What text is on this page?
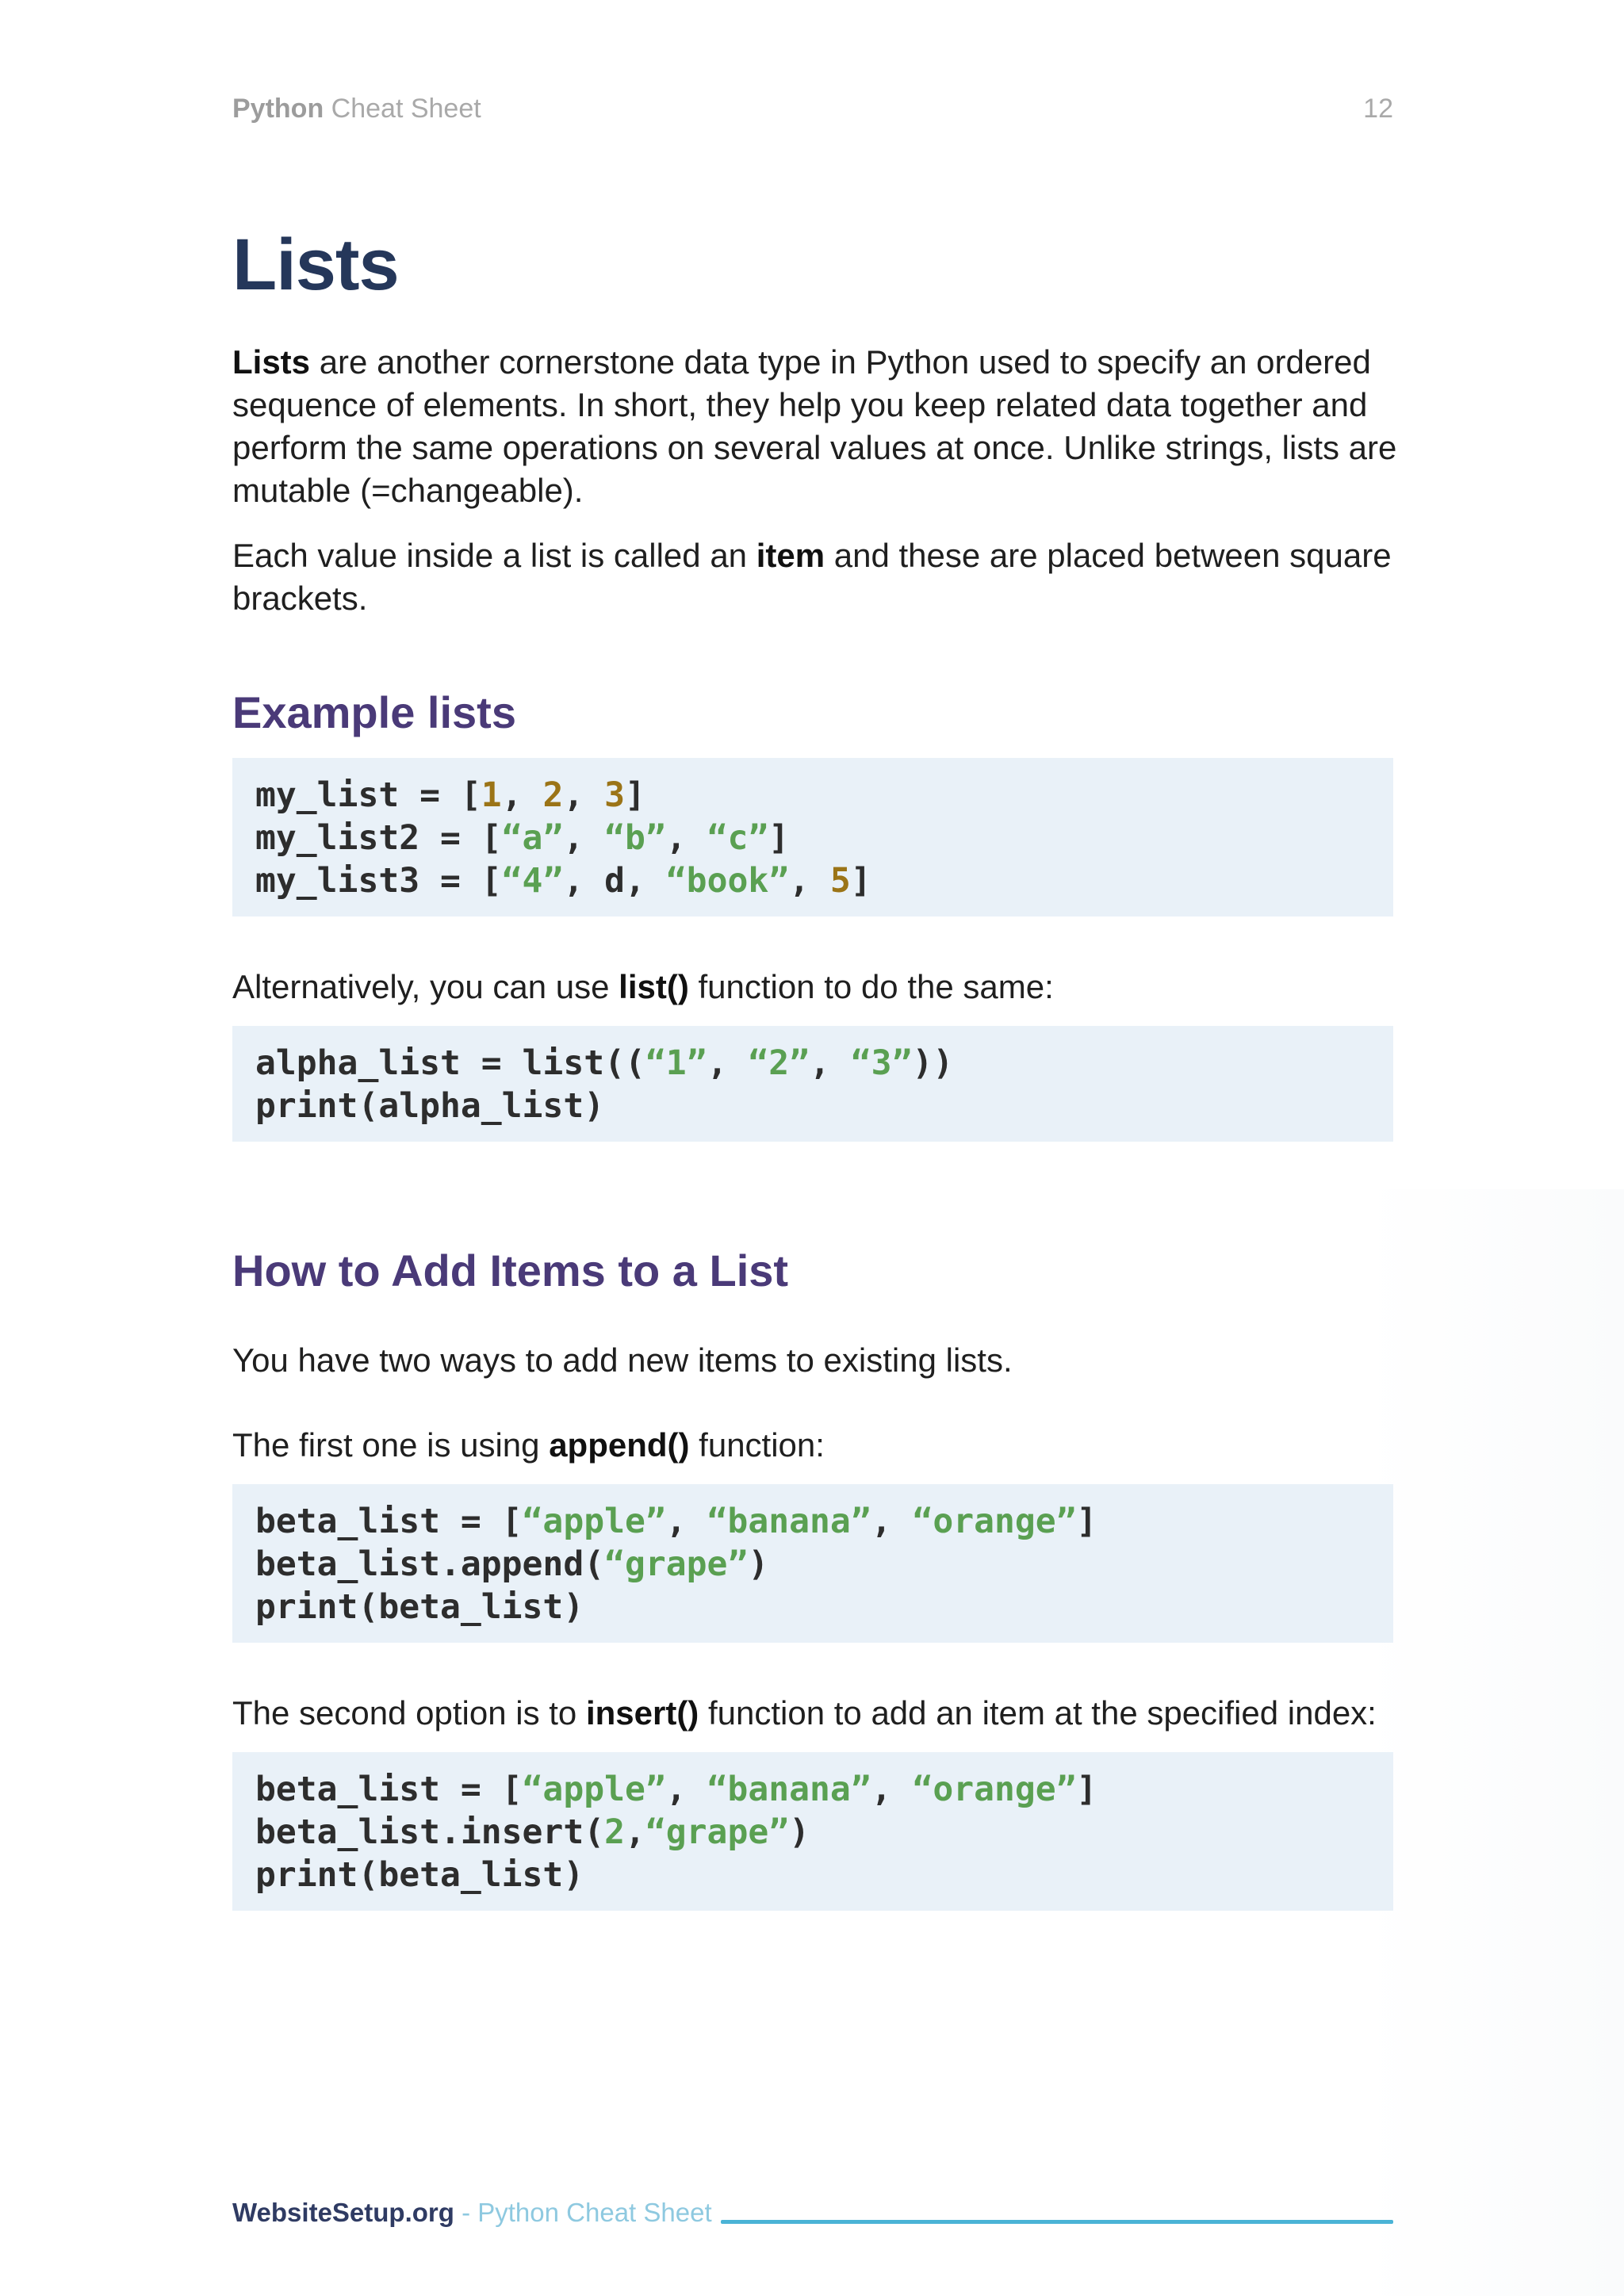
Python Cheat Sheet	12
Lists

Lists are another cornerstone data type in Python used to specify an ordered sequence of elements. In short, they help you keep related data together and perform the same operations on several values at once. Unlike strings, lists are mutable (=changeable).

Each value inside a list is called an item and these are placed between square brackets.

Example lists
my_list = [1, 2, 3]
my_list2 = [“a”, “b”, “c”]
my_list3 = [“4”, d, “book”, 5]

Alternatively, you can use list() function to do the same:

alpha_list = list((“1”, “2”, “3”))
print(alpha_list)
How to Add Items to a List

You have two ways to add new items to existing lists.

The first one is using append() function:

beta_list = [“apple”, “banana”, “orange”]
beta_list.append(“grape”)
print(beta_list)

The second option is to insert() function to add an item at the specified index:

beta_list = [“apple”, “banana”, “orange”]
beta_list.insert(2,“grape”)
print(beta_list)
WebsiteSetup.org - Python Cheat Sheet
